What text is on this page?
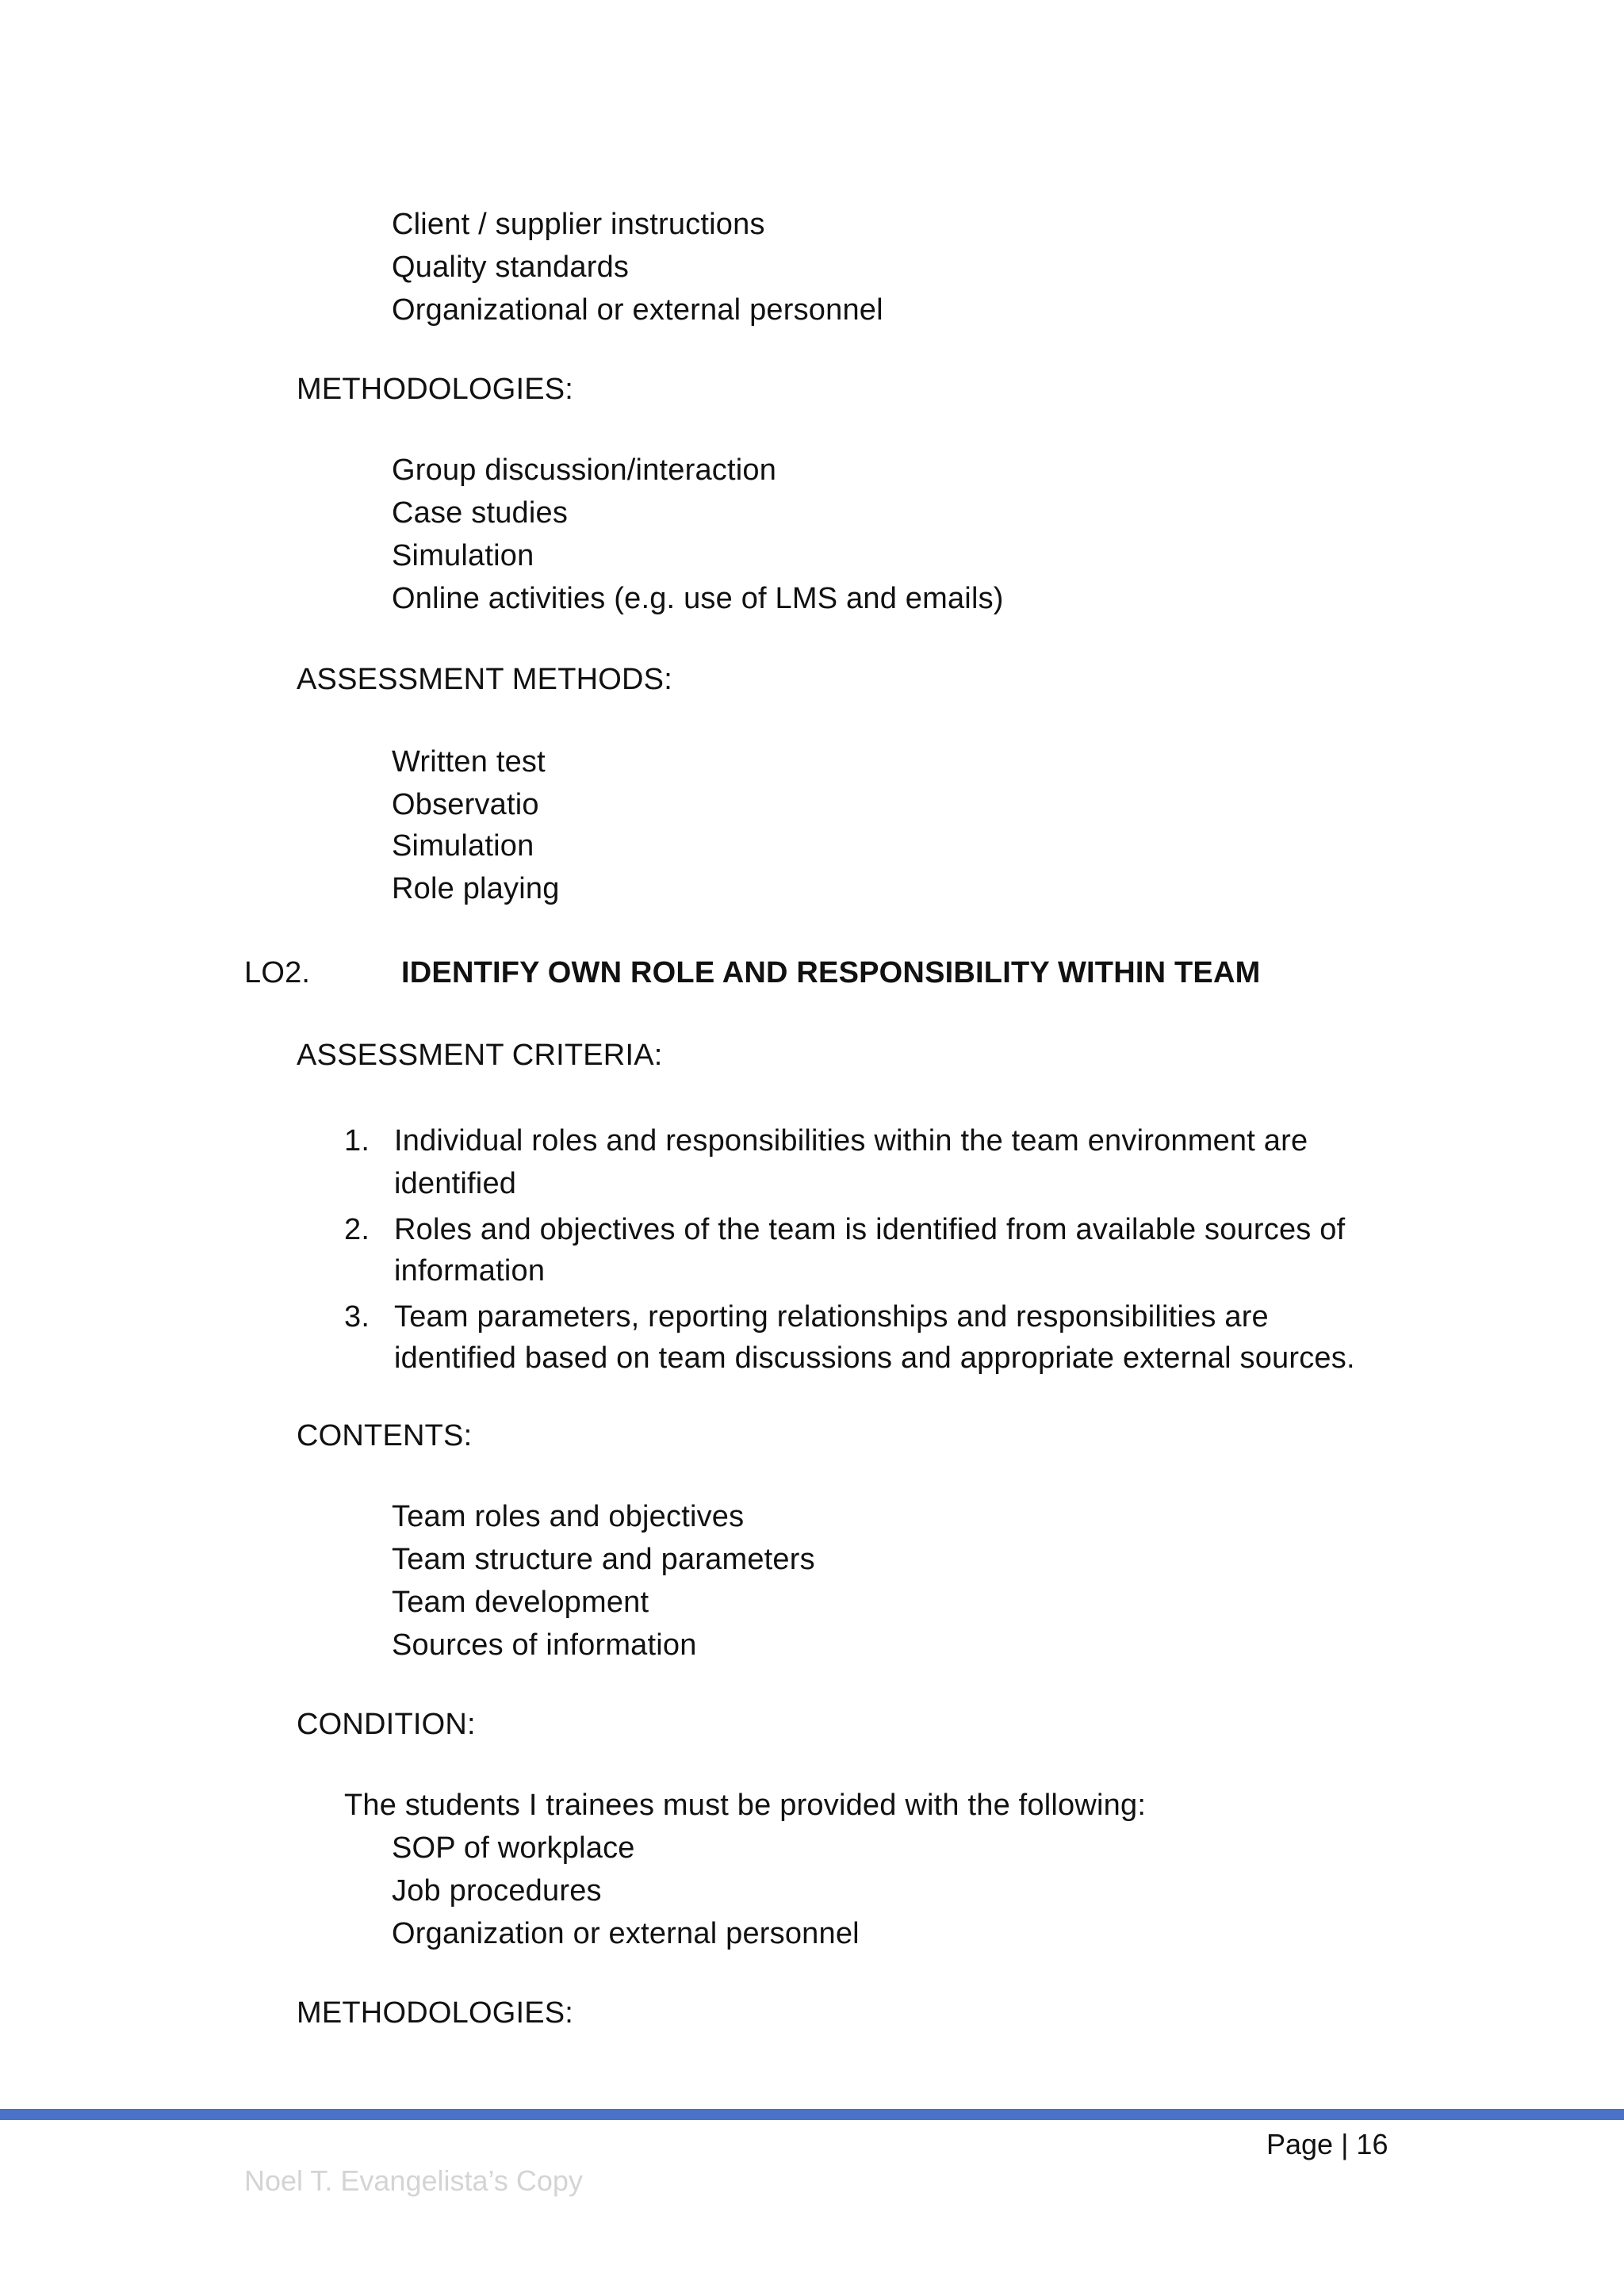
Client / supplier instructions
Quality standards
Organizational or external personnel
METHODOLOGIES:
Group discussion/interaction
Case studies
Simulation
Online activities (e.g. use of LMS and emails)
ASSESSMENT METHODS:
Written test
Observatio
Simulation
Role playing
LO2.	IDENTIFY OWN ROLE AND RESPONSIBILITY WITHIN TEAM
ASSESSMENT CRITERIA:
1. Individual roles and responsibilities within the team environment are
identified
2. Roles and objectives of the team is identified from available sources of
information
3. Team parameters, reporting relationships and responsibilities are
identified based on team discussions and appropriate external sources.
CONTENTS:
Team roles and objectives
Team structure and parameters
Team development
Sources of information
CONDITION:
The students I trainees must be provided with the following:
SOP of workplace
Job procedures
Organization or external personnel
METHODOLOGIES:
Page | 16
Noel T. Evangelista’s Copy
